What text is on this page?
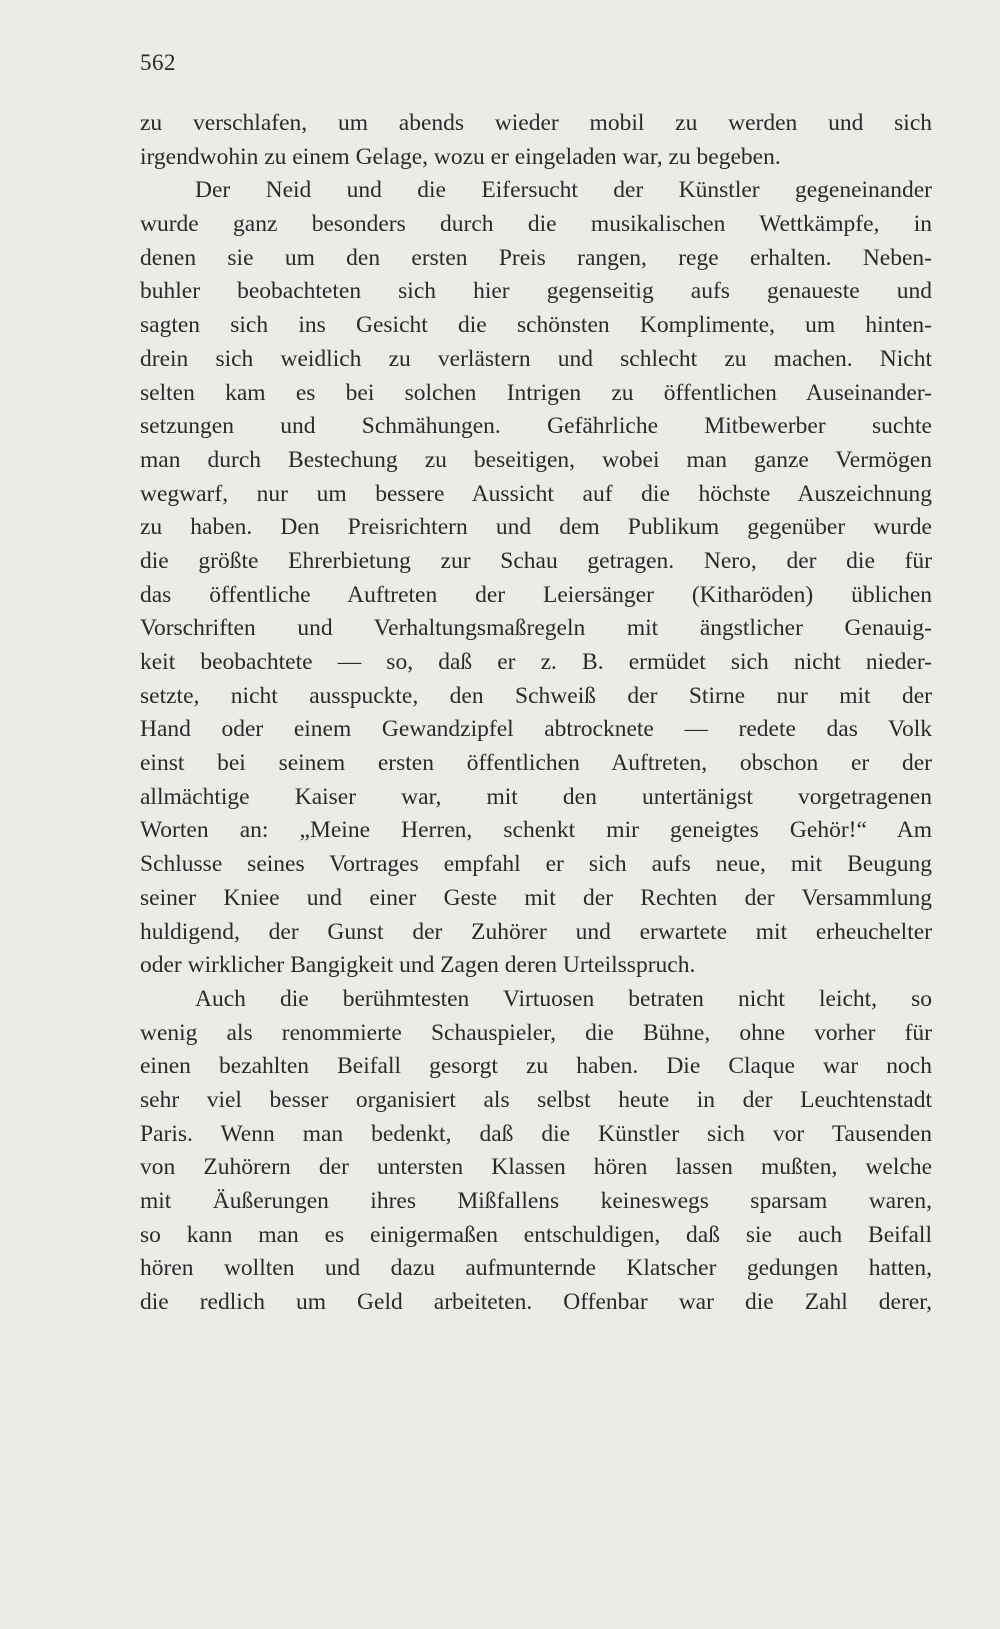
562
zu verschlafen, um abends wieder mobil zu werden und sich
irgendwohin zu einem Gelage, wozu er eingeladen war, zu begeben.
Der Neid und die Eifersucht der Künstler gegeneinander
wurde ganz besonders durch die musikalischen Wettkämpfe, in
denen sie um den ersten Preis rangen, rege erhalten. Neben-
buhler beobachteten sich hier gegenseitig aufs genaueste und
sagten sich ins Gesicht die schönsten Komplimente, um hinten-
drein sich weidlich zu verlästern und schlecht zu machen. Nicht
selten kam es bei solchen Intrigen zu öffentlichen Auseinander-
setzungen und Schmähungen. Gefährliche Mitbewerber suchte
man durch Bestechung zu beseitigen, wobei man ganze Vermögen
wegwarf, nur um bessere Aussicht auf die höchste Auszeichnung
zu haben. Den Preisrichtern und dem Publikum gegenüber wurde
die größte Ehrerbietung zur Schau getragen. Nero, der die für
das öffentliche Auftreten der Leiersänger (Kitharöden) üblichen
Vorschriften und Verhaltungsmaßregeln mit ängstlicher Genauig-
keit beobachtete — so, daß er z. B. ermüdet sich nicht nieder-
setzte, nicht ausspuckte, den Schweiß der Stirne nur mit der
Hand oder einem Gewandzipfel abtrocknete — redete das Volk
einst bei seinem ersten öffentlichen Auftreten, obschon er der
allmächtige Kaiser war, mit den untertänigst vorgetragenen
Worten an: „Meine Herren, schenkt mir geneigtes Gehör!“ Am
Schlusse seines Vortrages empfahl er sich aufs neue, mit Beugung
seiner Kniee und einer Geste mit der Rechten der Versammlung
huldigend, der Gunst der Zuhörer und erwartete mit erheuchelter
oder wirklicher Bangigkeit und Zagen deren Urteilsspruch.
Auch die berühmtesten Virtuosen betraten nicht leicht, so
wenig als renommierte Schauspieler, die Bühne, ohne vorher für
einen bezahlten Beifall gesorgt zu haben. Die Claque war noch
sehr viel besser organisiert als selbst heute in der Leuchtenstadt
Paris. Wenn man bedenkt, daß die Künstler sich vor Tausenden
von Zuhörern der untersten Klassen hören lassen mußten, welche
mit Äußerungen ihres Mißfallens keineswegs sparsam waren,
so kann man es einigermaßen entschuldigen, daß sie auch Beifall
hören wollten und dazu aufmunternde Klatscher gedungen hatten,
die redlich um Geld arbeiteten. Offenbar war die Zahl derer,
